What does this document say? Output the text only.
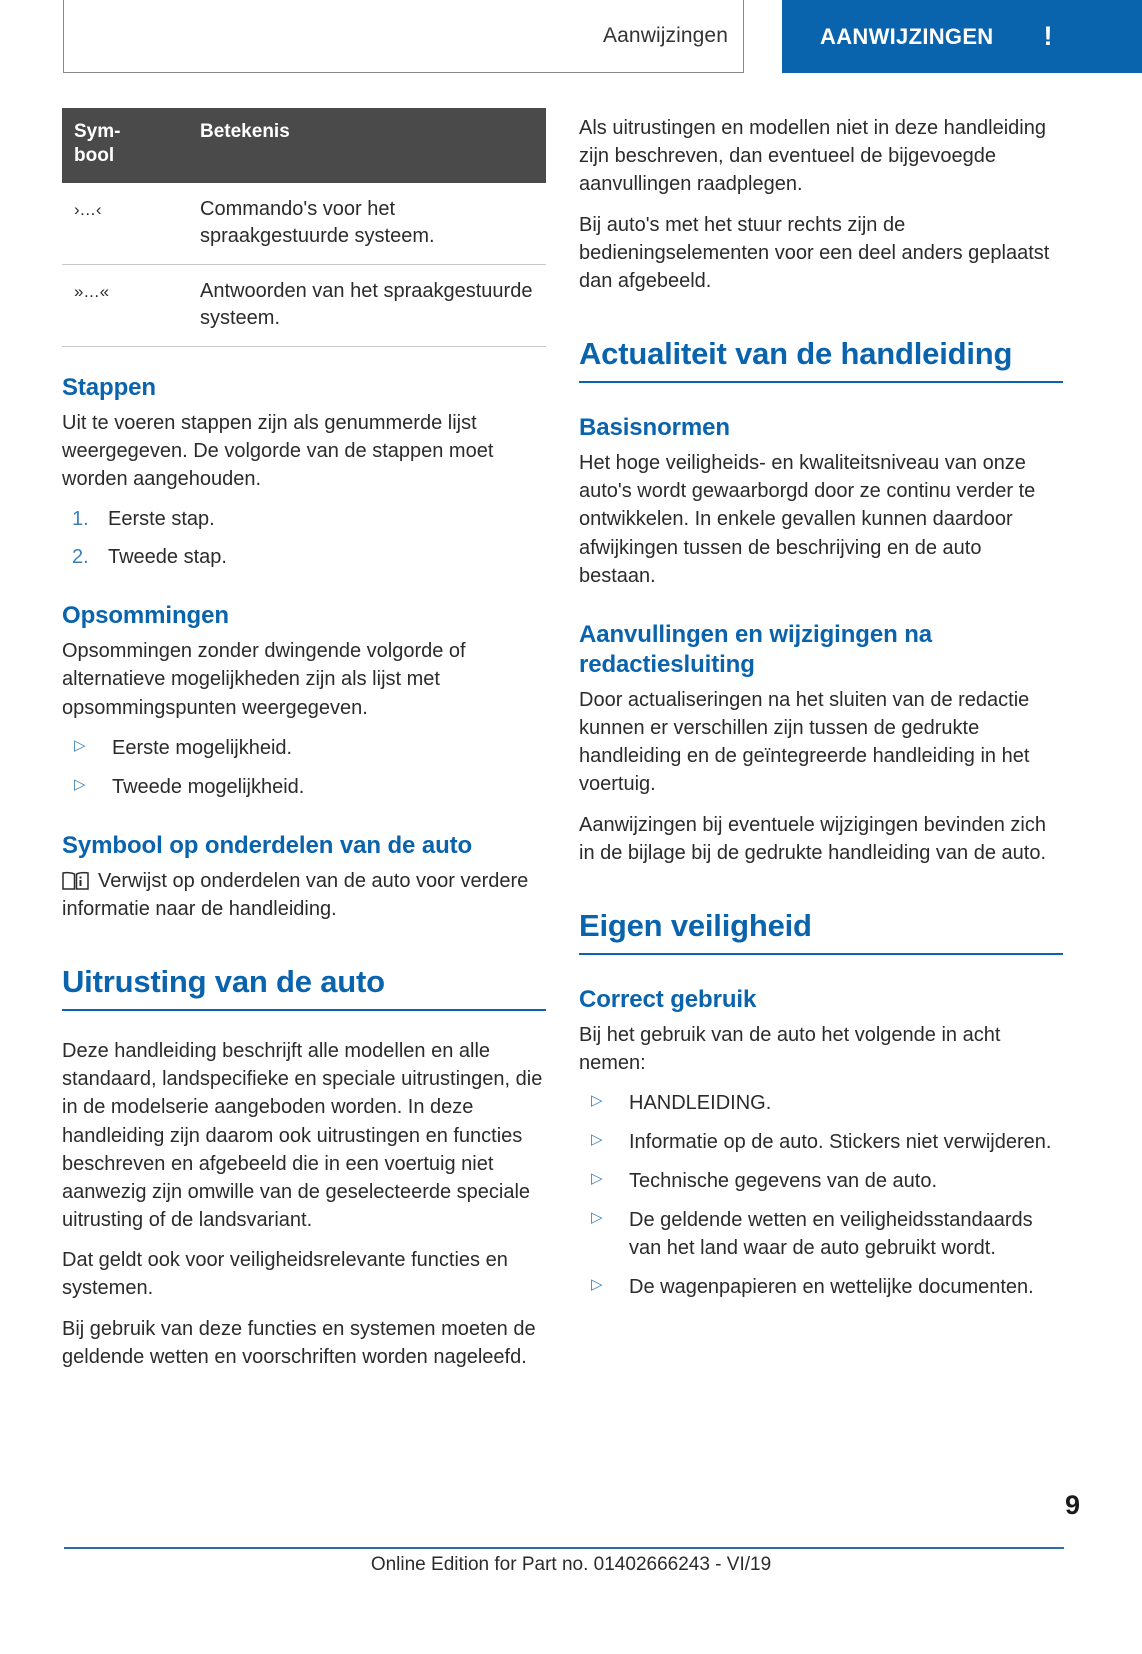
Aanwijzingen	AANWIJZINGEN !
Sym-
bool	Betekenis
›...‹	Commando's voor het spraakgestuurde systeem.
»...«	Antwoorden van het spraakgestuurde systeem.
Stappen

Uit te voeren stappen zijn als genummerde lijst weergegeven. De volgorde van de stappen moet worden aangehouden.

1. Eerste stap.
2. Tweede stap.
Opsommingen

Opsommingen zonder dwingende volgorde of alternatieve mogelijkheden zijn als lijst met opsommingspunten weergegeven.

▷ Eerste mogelijkheid.
▷ Tweede mogelijkheid.
Symbool op onderdelen van de auto

Verwijst op onderdelen van de auto voor verdere informatie naar de handleiding.

Uitrusting van de auto

Deze handleiding beschrijft alle modellen en alle standaard, landspecifieke en speciale uitrustingen, die in de modelserie aangeboden worden. In deze handleiding zijn daarom ook uitrustingen en functies beschreven en afgebeeld die in een voertuig niet aanwezig zijn omwille van de geselecteerde speciale uitrusting of de landsvariant.

Dat geldt ook voor veiligheidsrelevante functies en systemen.

Bij gebruik van deze functies en systemen moeten de geldende wetten en voorschriften worden nageleefd.

Als uitrustingen en modellen niet in deze handleiding zijn beschreven, dan eventueel de bijgevoegde aanvullingen raadplegen.

Bij auto's met het stuur rechts zijn de bedieningselementen voor een deel anders geplaatst dan afgebeeld.

Actualiteit van de handleiding
Basisnormen

Het hoge veiligheids- en kwaliteitsniveau van onze auto's wordt gewaarborgd door ze continu verder te ontwikkelen. In enkele gevallen kunnen daardoor afwijkingen tussen de beschrijving en de auto bestaan.

Aanvullingen en wijzigingen na redactiesluiting

Door actualiseringen na het sluiten van de redactie kunnen er verschillen zijn tussen de gedrukte handleiding en de geïntegreerde handleiding in het voertuig.

Aanwijzingen bij eventuele wijzigingen bevinden zich in de bijlage bij de gedrukte handleiding van de auto.

Eigen veiligheid
Correct gebruik

Bij het gebruik van de auto het volgende in acht nemen:

▷ HANDLEIDING.
▷ Informatie op de auto. Stickers niet verwijderen.
▷ Technische gegevens van de auto.
▷ De geldende wetten en veiligheidsstandaards van het land waar de auto gebruikt wordt.
▷ De wagenpapieren en wettelijke documenten.
9
Online Edition for Part no. 01402666243 - VI/19
